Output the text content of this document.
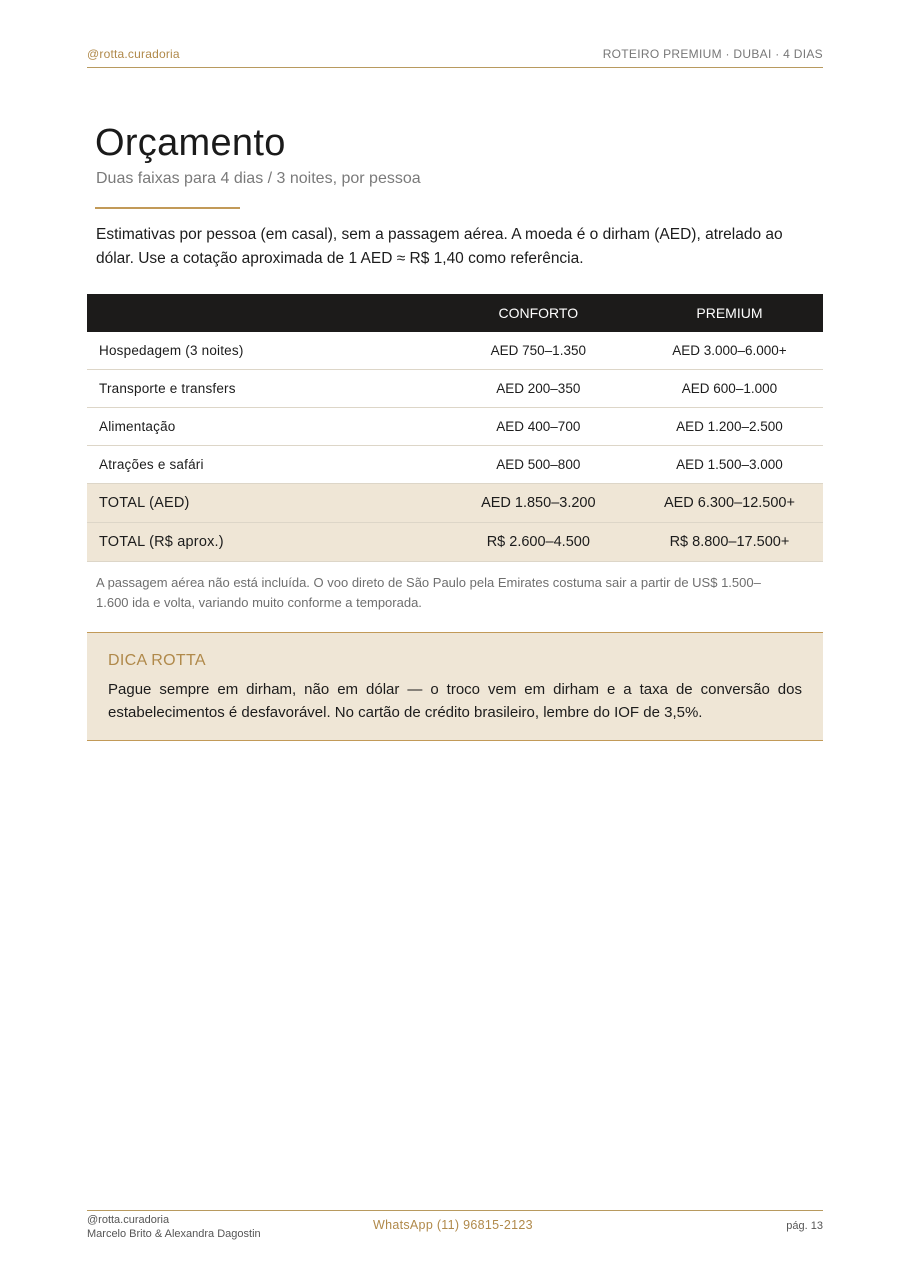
@rotta.curadoria	ROTEIRO PREMIUM · DUBAI · 4 DIAS
Orçamento
Duas faixas para 4 dias / 3 noites, por pessoa

Estimativas por pessoa (em casal), sem a passagem aérea. A moeda é o dirham (AED), atrelado ao dólar. Use a cotação aproximada de 1 AED ≈ R$ 1,40 como referência.

	CONFORTO	PREMIUM
Hospedagem (3 noites)	AED 750–1.350	AED 3.000–6.000+
Transporte e transfers	AED 200–350	AED 600–1.000
Alimentação	AED 400–700	AED 1.200–2.500
Atrações e safári	AED 500–800	AED 1.500–3.000
TOTAL (AED)	AED 1.850–3.200	AED 6.300–12.500+
TOTAL (R$ aprox.)	R$ 2.600–4.500	R$ 8.800–17.500+

A passagem aérea não está incluída. O voo direto de São Paulo pela Emirates costuma sair a partir de US$ 1.500–1.600 ida e volta, variando muito conforme a temporada.

DICA ROTTA
Pague sempre em dirham, não em dólar — o troco vem em dirham e a taxa de conversão dos estabelecimentos é desfavorável. No cartão de crédito brasileiro, lembre do IOF de 3,5%.
@rotta.curadoria
Marcelo Brito & Alexandra Dagostin
WhatsApp (11) 96815-2123	pág. 13
